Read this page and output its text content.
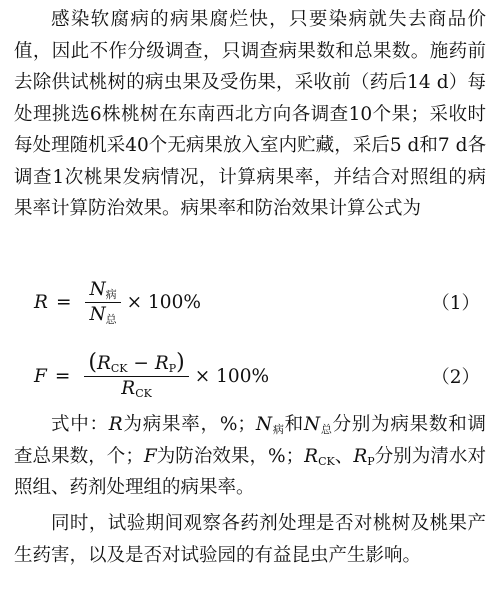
感染软腐病的病果腐烂快，只要染病就失去商品价值，因此不作分级调查，只调查病果数和总果数。施药前去除供试桃树的病虫果及受伤果，采收前（药后14 d）每处理挑选6株桃树在东南西北方向各调查10个果；采收时每处理随机采40个无病果放入室内贮藏，采后5 d和7 d各调查1次桃果发病情况，计算病果率，并结合对照组的病果率计算防治效果。病果率和防治效果计算公式为

$R = \frac{N_病}{N_总} \times 100\%$	（1）
$F = \frac{(R_{CK} - R_P)}{R_{CK}} \times 100\%$	（2）

式中：R为病果率，%；$N_病$和$N_总$分别为病果数和调查总果数，个；F为防治效果，%；$R_{CK}$、$R_P$分别为清水对照组、药剂处理组的病果率。

同时，试验期间观察各药剂处理是否对桃树及桃果产生药害，以及是否对试验园的有益昆虫产生影响。
